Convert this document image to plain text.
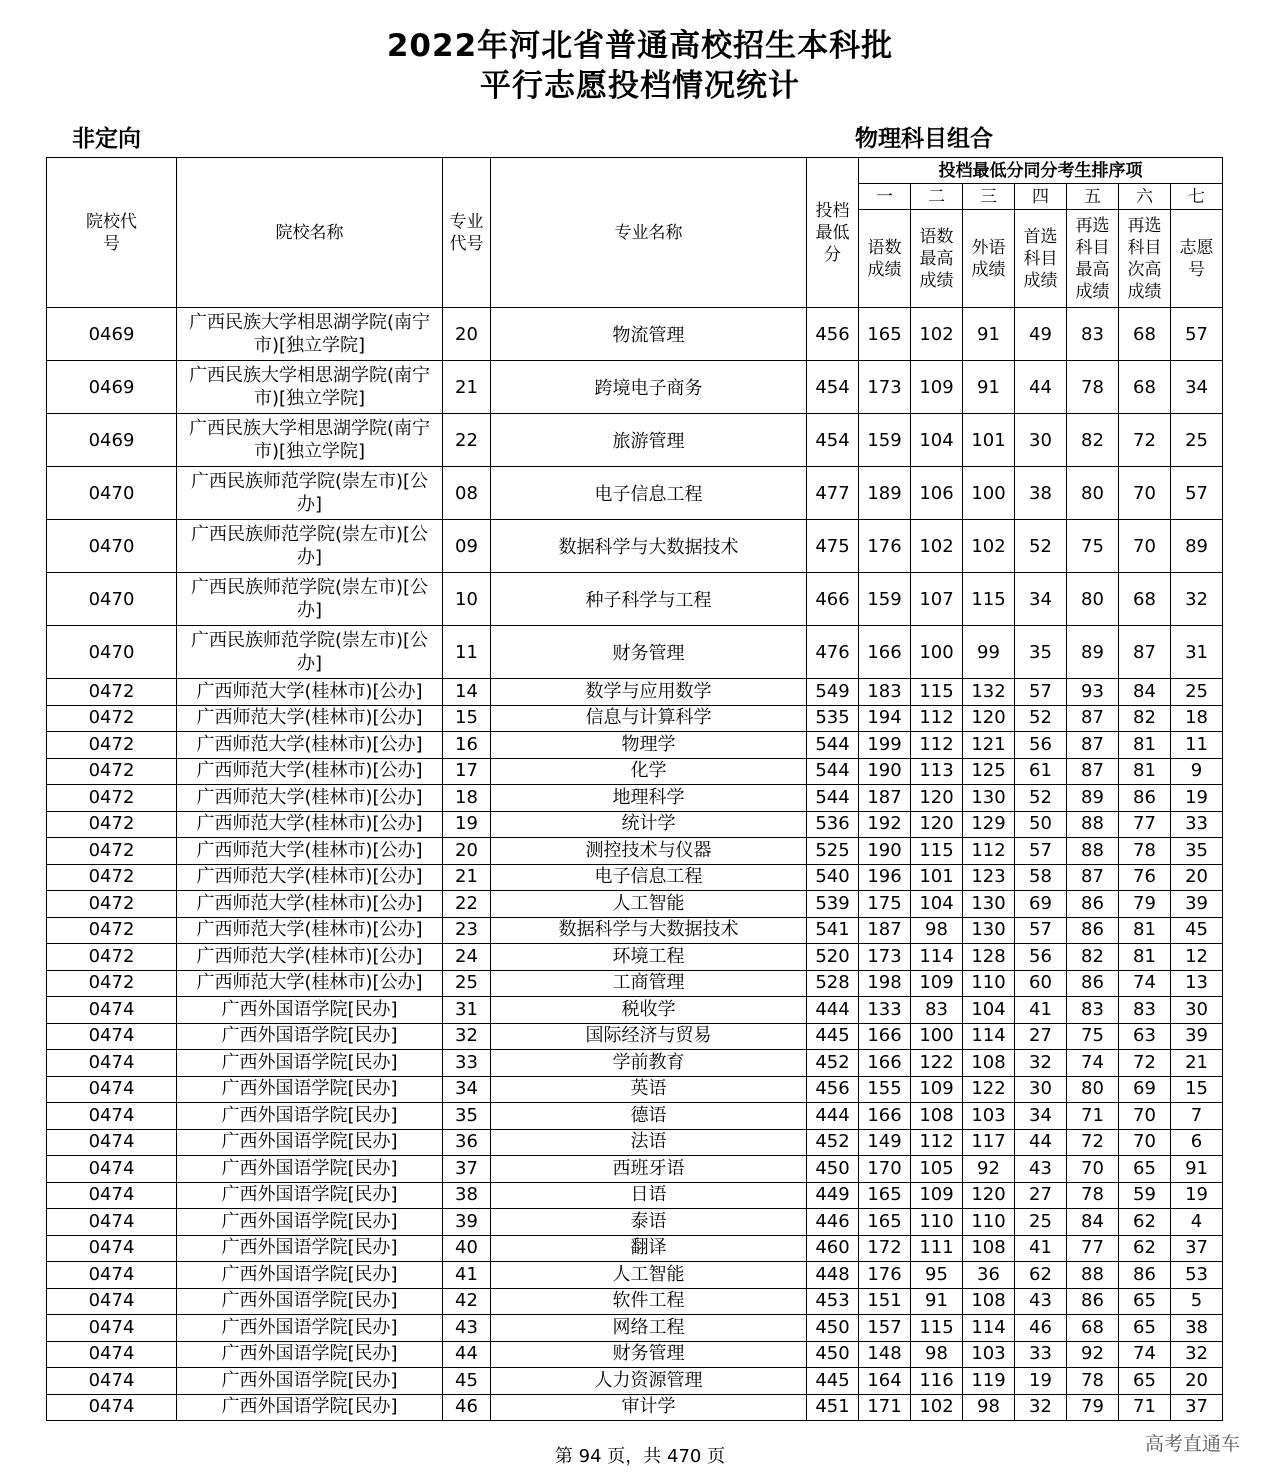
2022年河北省普通高校招生本科批
平行志愿投档情况统计
非定向	物理科目组合
院校代号	院校名称	专业代号	专业名称	投档最低分	投档最低分同分考生排序项						
					一	二	三	四	五	六	七
					语数成绩	语数最高成绩	外语成绩	首选科目成绩	再选科目最高成绩	再选科目次高成绩	志愿号
0469	广西民族大学相思湖学院(南宁市)[独立学院]	20	物流管理	456	165	102	91	49	83	68	57
0469	广西民族大学相思湖学院(南宁市)[独立学院]	21	跨境电子商务	454	173	109	91	44	78	68	34
0469	广西民族大学相思湖学院(南宁市)[独立学院]	22	旅游管理	454	159	104	101	30	82	72	25
0470	广西民族师范学院(崇左市)[公办]	08	电子信息工程	477	189	106	100	38	80	70	57
0470	广西民族师范学院(崇左市)[公办]	09	数据科学与大数据技术	475	176	102	102	52	75	70	89
0470	广西民族师范学院(崇左市)[公办]	10	种子科学与工程	466	159	107	115	34	80	68	32
0470	广西民族师范学院(崇左市)[公办]	11	财务管理	476	166	100	99	35	89	87	31
0472	广西师范大学(桂林市)[公办]	14	数学与应用数学	549	183	115	132	57	93	84	25
0472	广西师范大学(桂林市)[公办]	15	信息与计算科学	535	194	112	120	52	87	82	18
0472	广西师范大学(桂林市)[公办]	16	物理学	544	199	112	121	56	87	81	11
0472	广西师范大学(桂林市)[公办]	17	化学	544	190	113	125	61	87	81	9
0472	广西师范大学(桂林市)[公办]	18	地理科学	544	187	120	130	52	89	86	19
0472	广西师范大学(桂林市)[公办]	19	统计学	536	192	120	129	50	88	77	33
0472	广西师范大学(桂林市)[公办]	20	测控技术与仪器	525	190	115	112	57	88	78	35
0472	广西师范大学(桂林市)[公办]	21	电子信息工程	540	196	101	123	58	87	76	20
0472	广西师范大学(桂林市)[公办]	22	人工智能	539	175	104	130	69	86	79	39
0472	广西师范大学(桂林市)[公办]	23	数据科学与大数据技术	541	187	98	130	57	86	81	45
0472	广西师范大学(桂林市)[公办]	24	环境工程	520	173	114	128	56	82	81	12
0472	广西师范大学(桂林市)[公办]	25	工商管理	528	198	109	110	60	86	74	13
0474	广西外国语学院[民办]	31	税收学	444	133	83	104	41	83	83	30
0474	广西外国语学院[民办]	32	国际经济与贸易	445	166	100	114	27	75	63	39
0474	广西外国语学院[民办]	33	学前教育	452	166	122	108	32	74	72	21
0474	广西外国语学院[民办]	34	英语	456	155	109	122	30	80	69	15
0474	广西外国语学院[民办]	35	德语	444	166	108	103	34	71	70	7
0474	广西外国语学院[民办]	36	法语	452	149	112	117	44	72	70	6
0474	广西外国语学院[民办]	37	西班牙语	450	170	105	92	43	70	65	91
0474	广西外国语学院[民办]	38	日语	449	165	109	120	27	78	59	19
0474	广西外国语学院[民办]	39	泰语	446	165	110	110	25	84	62	4
0474	广西外国语学院[民办]	40	翻译	460	172	111	108	41	77	62	37
0474	广西外国语学院[民办]	41	人工智能	448	176	95	36	62	88	86	53
0474	广西外国语学院[民办]	42	软件工程	453	151	91	108	43	86	65	5
0474	广西外国语学院[民办]	43	网络工程	450	157	115	114	46	68	65	38
0474	广西外国语学院[民办]	44	财务管理	450	148	98	103	33	92	74	32
0474	广西外国语学院[民办]	45	人力资源管理	445	164	116	119	19	78	65	20
0474	广西外国语学院[民办]	46	审计学	451	171	102	98	32	79	71	37
第 94 页，共 470 页
高考直通车
